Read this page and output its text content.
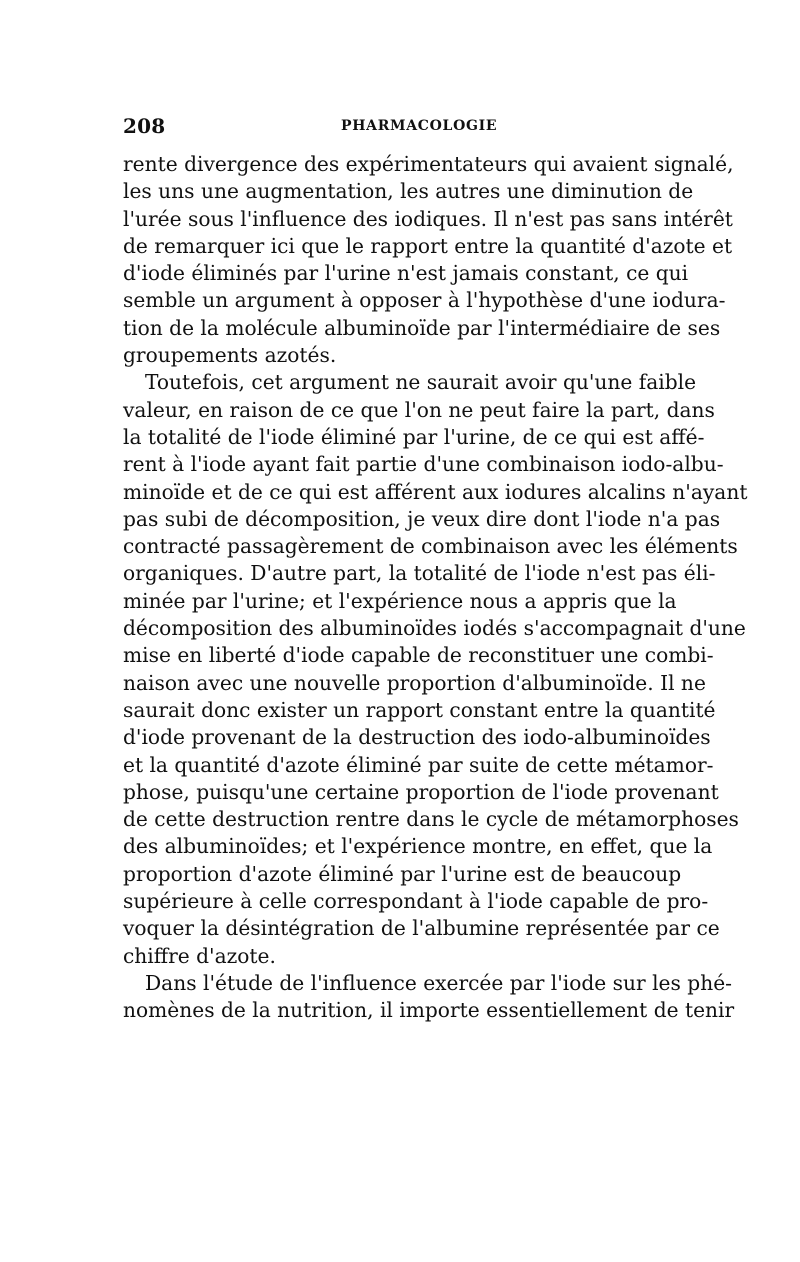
208	PHARMACOLOGIE
rente divergence des expérimentateurs qui avaient signalé,
les uns une augmentation, les autres une diminution de
l'urée sous l'influence des iodiques. Il n'est pas sans intérêt
de remarquer ici que le rapport entre la quantité d'azote et
d'iode éliminés par l'urine n'est jamais constant, ce qui
semble un argument à opposer à l'hypothèse d'une iodura-
tion de la molécule albuminoïde par l'intermédiaire de ses
groupements azotés.
Toutefois, cet argument ne saurait avoir qu'une faible
valeur, en raison de ce que l'on ne peut faire la part, dans
la totalité de l'iode éliminé par l'urine, de ce qui est affé-
rent à l'iode ayant fait partie d'une combinaison iodo-albu-
minoïde et de ce qui est afférent aux iodures alcalins n'ayant
pas subi de décomposition, je veux dire dont l'iode n'a pas
contracté passagèrement de combinaison avec les éléments
organiques. D'autre part, la totalité de l'iode n'est pas éli-
minée par l'urine; et l'expérience nous a appris que la
décomposition des albuminoïdes iodés s'accompagnait d'une
mise en liberté d'iode capable de reconstituer une combi-
naison avec une nouvelle proportion d'albuminoïde. Il ne
saurait donc exister un rapport constant entre la quantité
d'iode provenant de la destruction des iodo-albuminoïdes
et la quantité d'azote éliminé par suite de cette métamor-
phose, puisqu'une certaine proportion de l'iode provenant
de cette destruction rentre dans le cycle de métamorphoses
des albuminoïdes; et l'expérience montre, en effet, que la
proportion d'azote éliminé par l'urine est de beaucoup
supérieure à celle correspondant à l'iode capable de pro-
voquer la désintégration de l'albumine représentée par ce
chiffre d'azote.
Dans l'étude de l'influence exercée par l'iode sur les phé-
nomènes de la nutrition, il importe essentiellement de tenir
